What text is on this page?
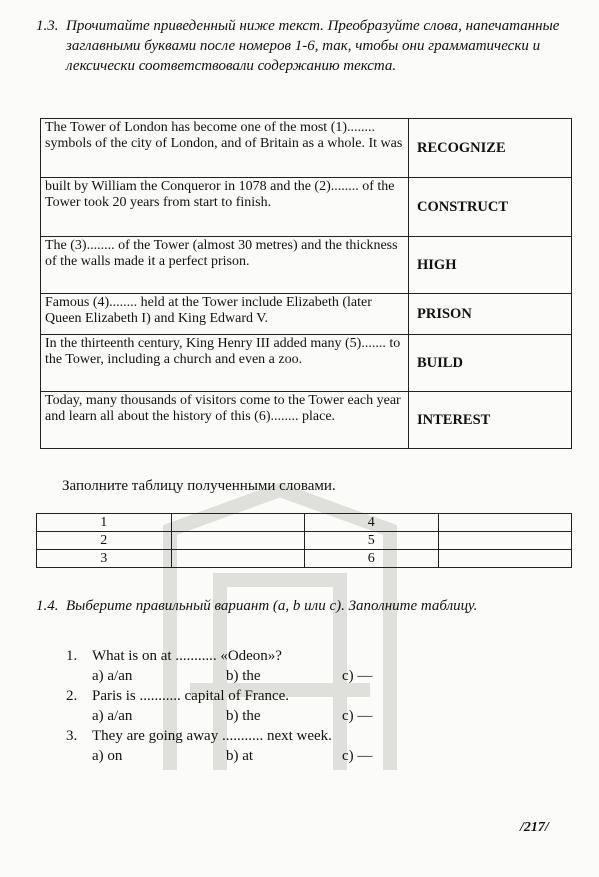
1.3. Прочитайте приведенный ниже текст. Преобразуйте слова, напечатанные заглавными буквами после номеров 1-6, так, чтобы они грамматически и лексически соответствовали содержанию текста.
The Tower of London has become one of the most (1)........ symbols of the city of London, and of Britain as a whole. It was	RECOGNIZE
built by William the Conqueror in 1078 and the (2)........ of the Tower took 20 years from start to finish.	CONSTRUCT
The (3)........ of the Tower (almost 30 metres) and the thickness of the walls made it a perfect prison.	HIGH
Famous (4)........ held at the Tower include Elizabeth (later Queen Elizabeth I) and King Edward V.	PRISON
In the thirteenth century, King Henry III added many (5)....... to the Tower, including a church and even a zoo.	BUILD
Today, many thousands of visitors come to the Tower each year and learn all about the history of this (6)........ place.	INTEREST
Заполните таблицу полученными словами.
1		4	
2		5	
3		6	
1.4. Выберите правильный вариант (a, b или c). Заполните таблицу.
1. What is on at ........... «Odeon»?
a) a/an	b) the	c) —
2. Paris is ........... capital of France.
a) a/an	b) the	c) —
3. They are going away ........... next week.
a) on	b) at	c) —
/217/
